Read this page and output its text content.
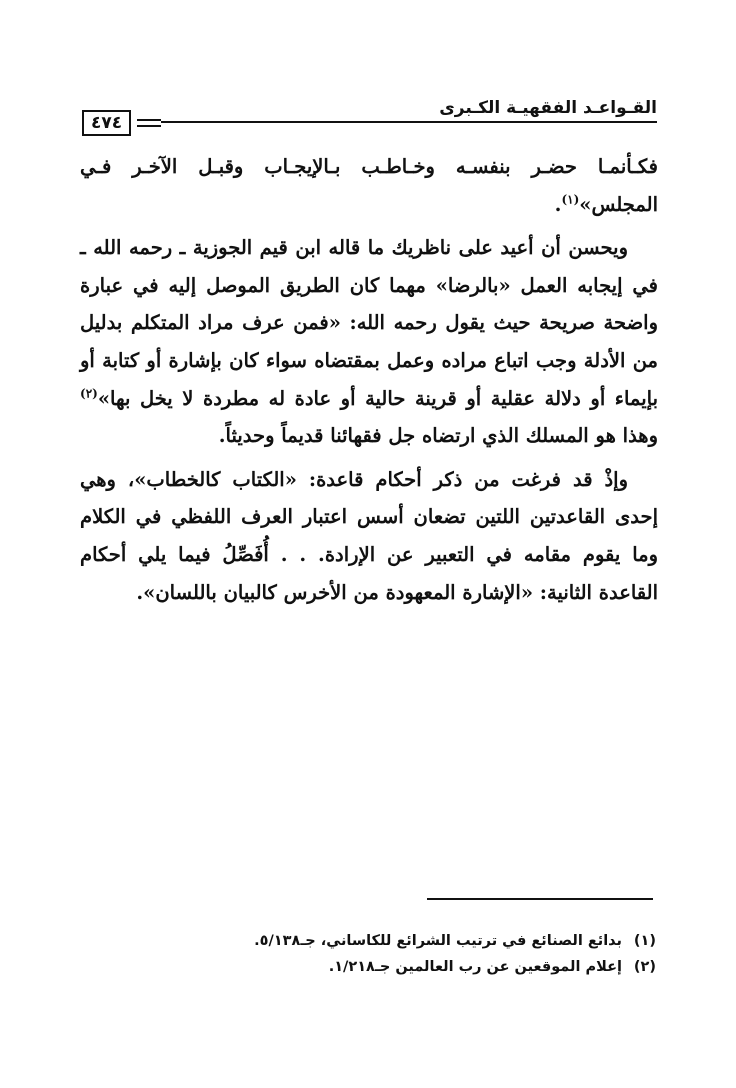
القـواعـد الفقهيـة الكـبرى
٤٧٤

فكـأنمـا حضـر بنفسـه وخـاطـب بـالإيجـاب وقبـل الآخـر فـي المجلس»$^{(١)}$.

ويحسن أن أعيد على ناظريك ما قاله ابن قيم الجوزية ـ رحمه الله ـ في إيجابه العمل «بالرضا» مهما كان الطريق الموصل إليه في عبارة واضحة صريحة حيث يقول رحمه الله: «فمن عرف مراد المتكلم بدليل من الأدلة وجب اتباع مراده وعمل بمقتضاه سواء كان بإشارة أو كتابة أو بإيماء أو دلالة عقلية أو قرينة حالية أو عادة له مطردة لا يخل بها»$^{(٢)}$ وهذا هو المسلك الذي ارتضاه جل فقهائنا قديماً وحديثاً.

وإذْ قد فرغت من ذكر أحكام قاعدة: «الكتاب كالخطاب»، وهي إحدى القاعدتين اللتين تضعان أسس اعتبار العرف اللفظي في الكلام وما يقوم مقامه في التعبير عن الإرادة. . . أُفَصِّلُ فيما يلي أحكام القاعدة الثانية: «الإشارة المعهودة من الأخرس كالبيان باللسان».

(١)
بدائع الصنائع في ترتيب الشرائع للكاساني، جـ٥/١٣٨.
(٢)
إعلام الموقعين عن رب العالمين جـ١/٢١٨.
